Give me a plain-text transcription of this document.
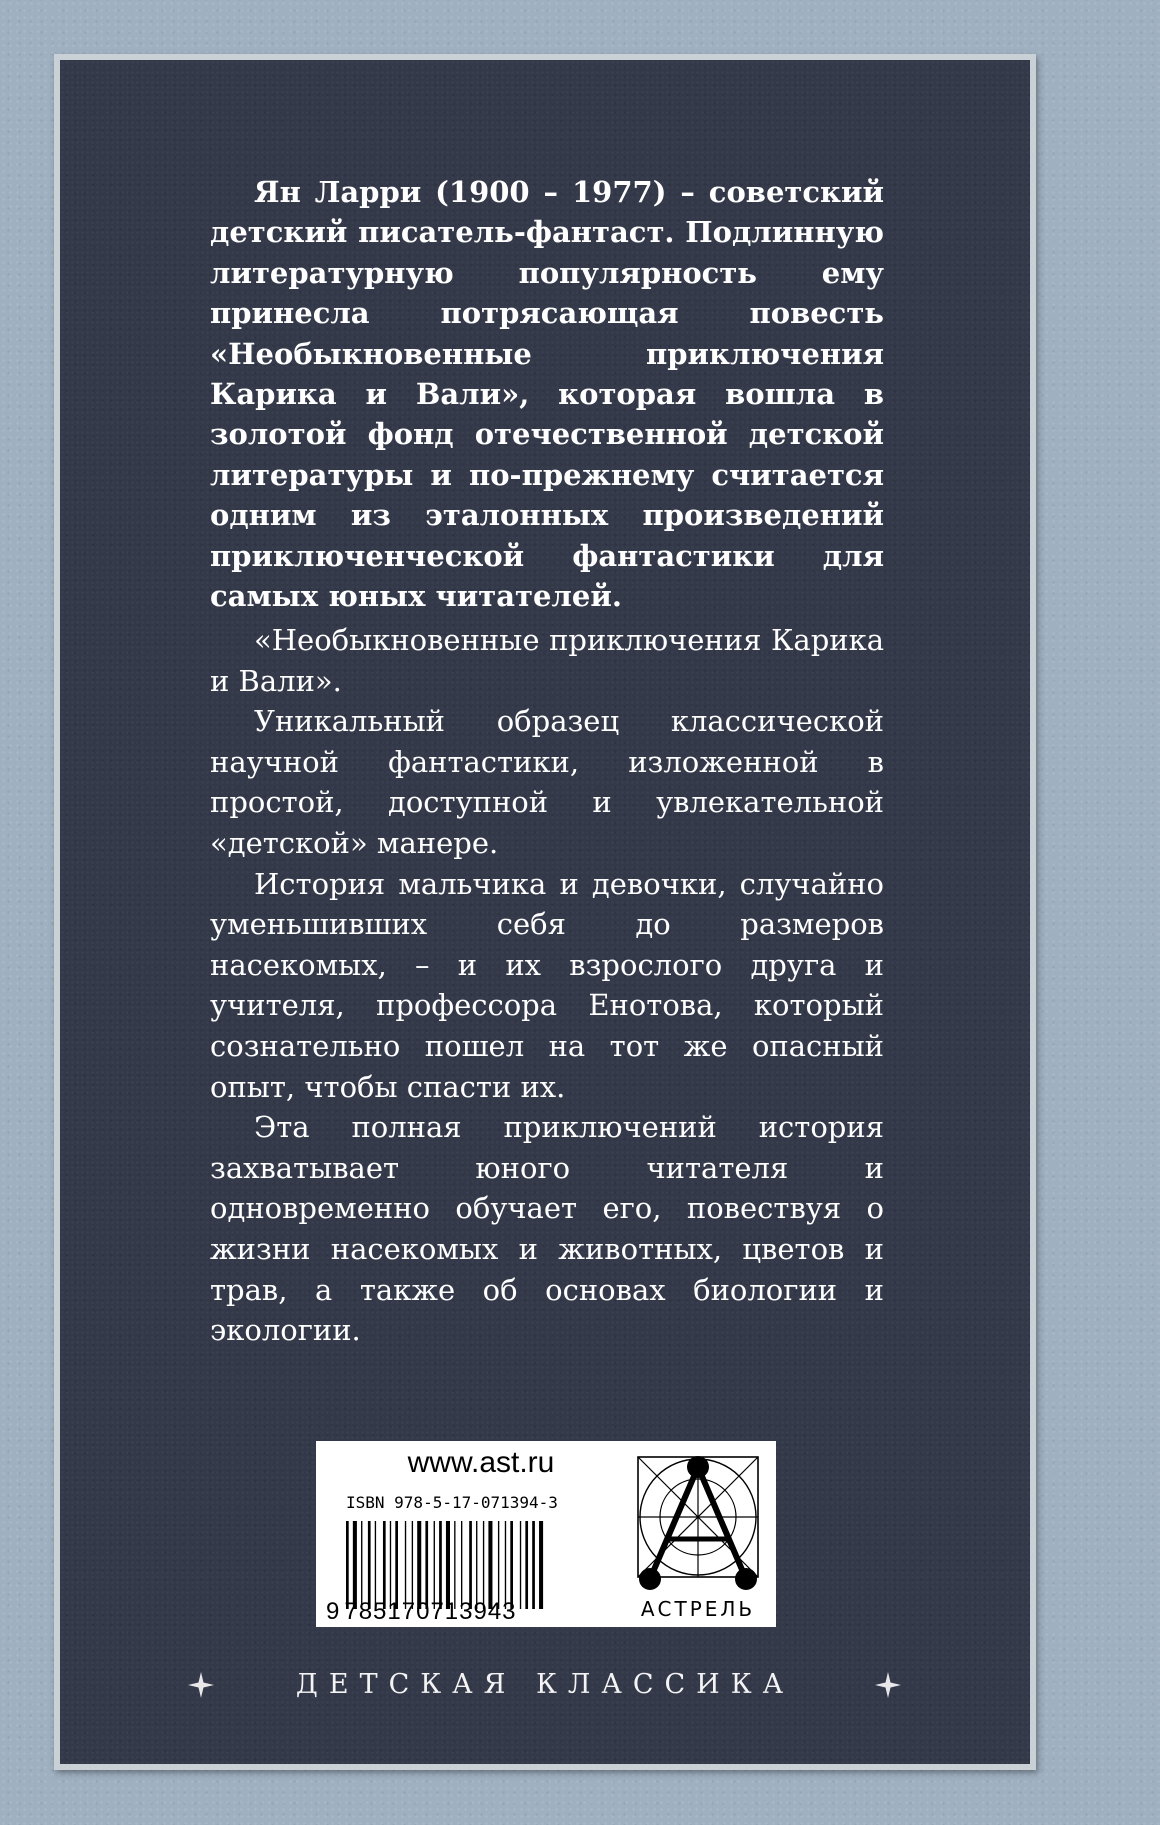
Ян Ларри (1900 – 1977) – советский детский писатель-фантаст. Подлинную литературную популярность ему принесла потрясающая повесть «Необыкновенные приключения Карика и Вали», которая вошла в золотой фонд отечественной детской литературы и по-прежнему считается одним из эталонных произведений приключенческой фантастики для самых юных читателей.

«Необыкновенные приключения Карика и Вали».

Уникальный образец классической научной фантастики, изложенной в простой, доступной и увлекательной «детской» манере.

История мальчика и девочки, случайно уменьшивших себя до размеров насекомых, – и их взрослого друга и учителя, профессора Енотова, который сознательно пошел на тот же опасный опыт, чтобы спасти их.

Эта полная приключений история захватывает юного читателя и одновременно обучает его, повествуя о жизни насекомых и животных, цветов и трав, а также об основах биологии и экологии.

www.ast.ru
ISBN 978-5-17-071394-3
9 785170713943	АСТРЕЛЬ
ДЕТСКАЯ КЛАССИКА
